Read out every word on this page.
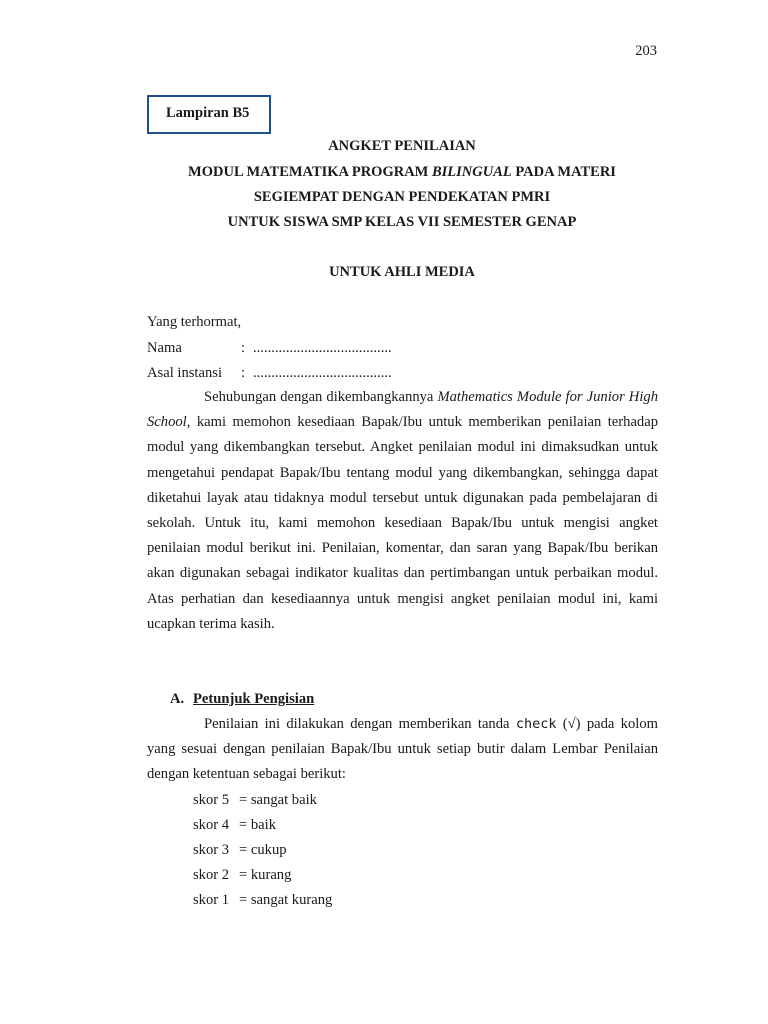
203
Lampiran B5
ANGKET PENILAIAN
MODUL MATEMATIKA PROGRAM BILINGUAL PADA MATERI
SEGIEMPAT DENGAN PENDEKATAN PMRI
UNTUK SISWA SMP KELAS VII SEMESTER GENAP
UNTUK AHLI MEDIA
Yang terhormat,
Nama	: ......................................
Asal instansi : ......................................
Sehubungan dengan dikembangkannya Mathematics Module for Junior High School, kami memohon kesediaan Bapak/Ibu untuk memberikan penilaian terhadap modul yang dikembangkan tersebut. Angket penilaian modul ini dimaksudkan untuk mengetahui pendapat Bapak/Ibu tentang modul yang dikembangkan, sehingga dapat diketahui layak atau tidaknya modul tersebut untuk digunakan pada pembelajaran di sekolah. Untuk itu, kami memohon kesediaan Bapak/Ibu untuk mengisi angket penilaian modul berikut ini. Penilaian, komentar, dan saran yang Bapak/Ibu berikan akan digunakan sebagai indikator kualitas dan pertimbangan untuk perbaikan modul. Atas perhatian dan kesediaannya untuk mengisi angket penilaian modul ini, kami ucapkan terima kasih.
A. Petunjuk Pengisian
Penilaian ini dilakukan dengan memberikan tanda check (√) pada kolom yang sesuai dengan penilaian Bapak/Ibu untuk setiap butir dalam Lembar Penilaian dengan ketentuan sebagai berikut:
skor 5 = sangat baik
skor 4 = baik
skor 3 = cukup
skor 2 = kurang
skor 1 = sangat kurang
